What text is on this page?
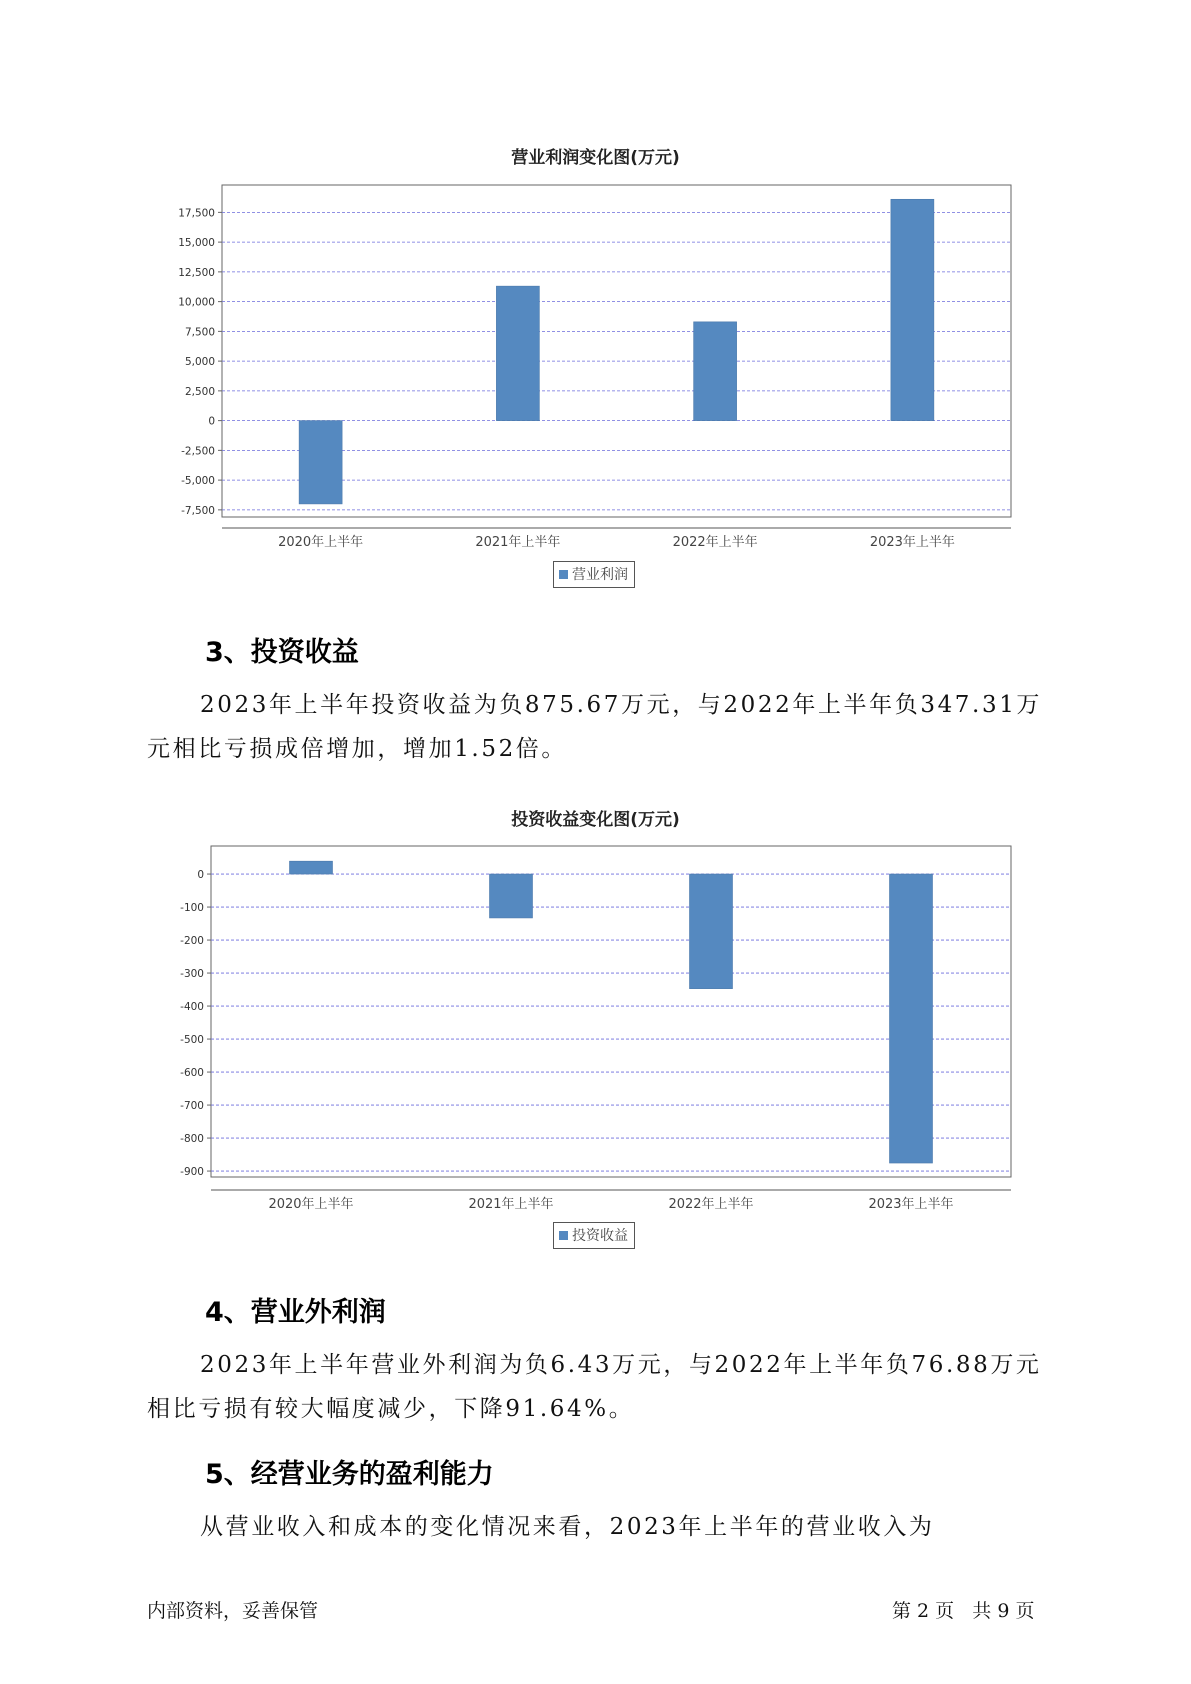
营业利润变化图(万元)
-7,500
-5,000
-2,500
0
2,500
5,000
7,500
10,000
12,500
15,000
17,500
2020年上半年	2021年上半年	2022年上半年	2023年上半年
营业利润
3、投资收益
2023年上半年投资收益为负875.67万元，与2022年上半年负347.31万
元相比亏损成倍增加，增加1.52倍。
投资收益变化图(万元)
-900
-800
-700
-600
-500
-400
-300
-200
-100
0
2020年上半年	2021年上半年	2022年上半年	2023年上半年
投资收益
4、营业外利润
2023年上半年营业外利润为负6.43万元，与2022年上半年负76.88万元
相比亏损有较大幅度减少，下降91.64%。
5、经营业务的盈利能力
从营业收入和成本的变化情况来看，2023年上半年的营业收入为
内部资料，妥善保管	第 2 页   共 9 页
